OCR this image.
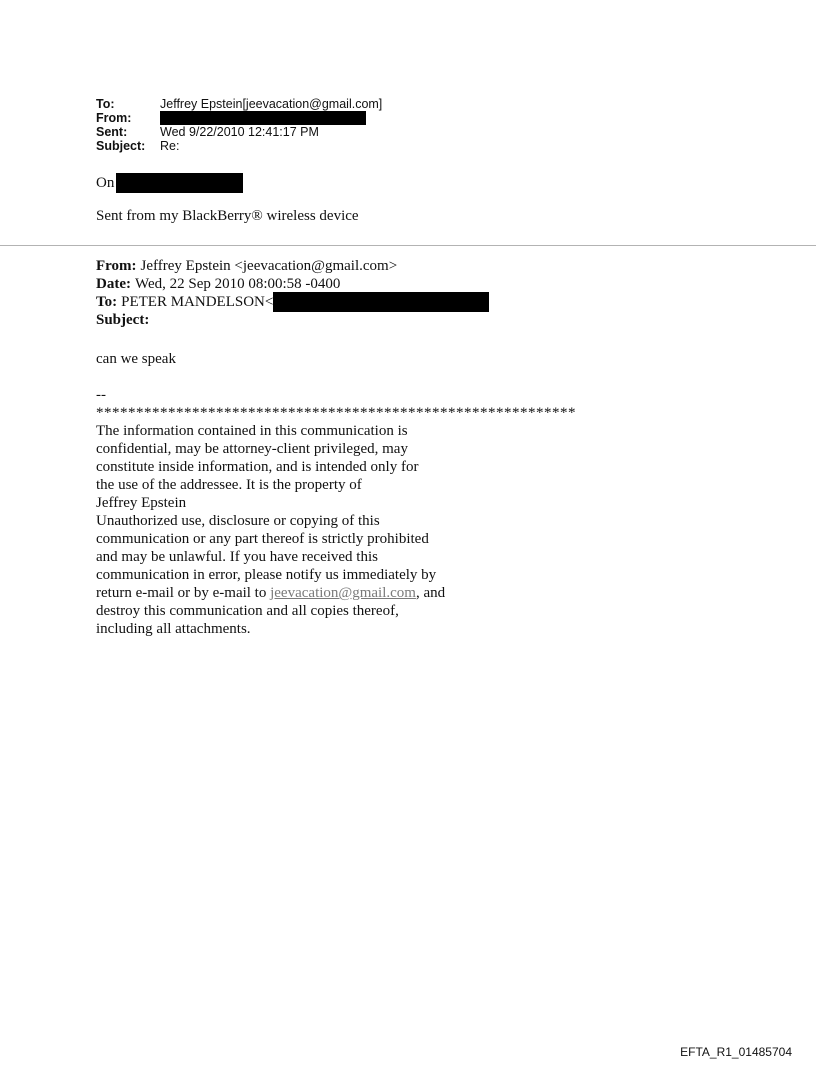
To:	Jeffrey Epstein[jeevacation@gmail.com]
From:
Sent:	Wed 9/22/2010 12:41:17 PM
Subject:	Re:
On
Sent from my BlackBerry® wireless device
From: Jeffrey Epstein <jeevacation@gmail.com>
Date: Wed, 22 Sep 2010 08:00:58 -0400
To: PETER MANDELSON<
Subject:
can we speak
--
************************************************************
The information contained in this communication is
confidential, may be attorney-client privileged, may
constitute inside information, and is intended only for
the use of the addressee. It is the property of
Jeffrey Epstein
Unauthorized use, disclosure or copying of this
communication or any part thereof is strictly prohibited
and may be unlawful. If you have received this
communication in error, please notify us immediately by
return e-mail or by e-mail to jeevacation@gmail.com, and
destroy this communication and all copies thereof,
including all attachments.
EFTA_R1_01485704
